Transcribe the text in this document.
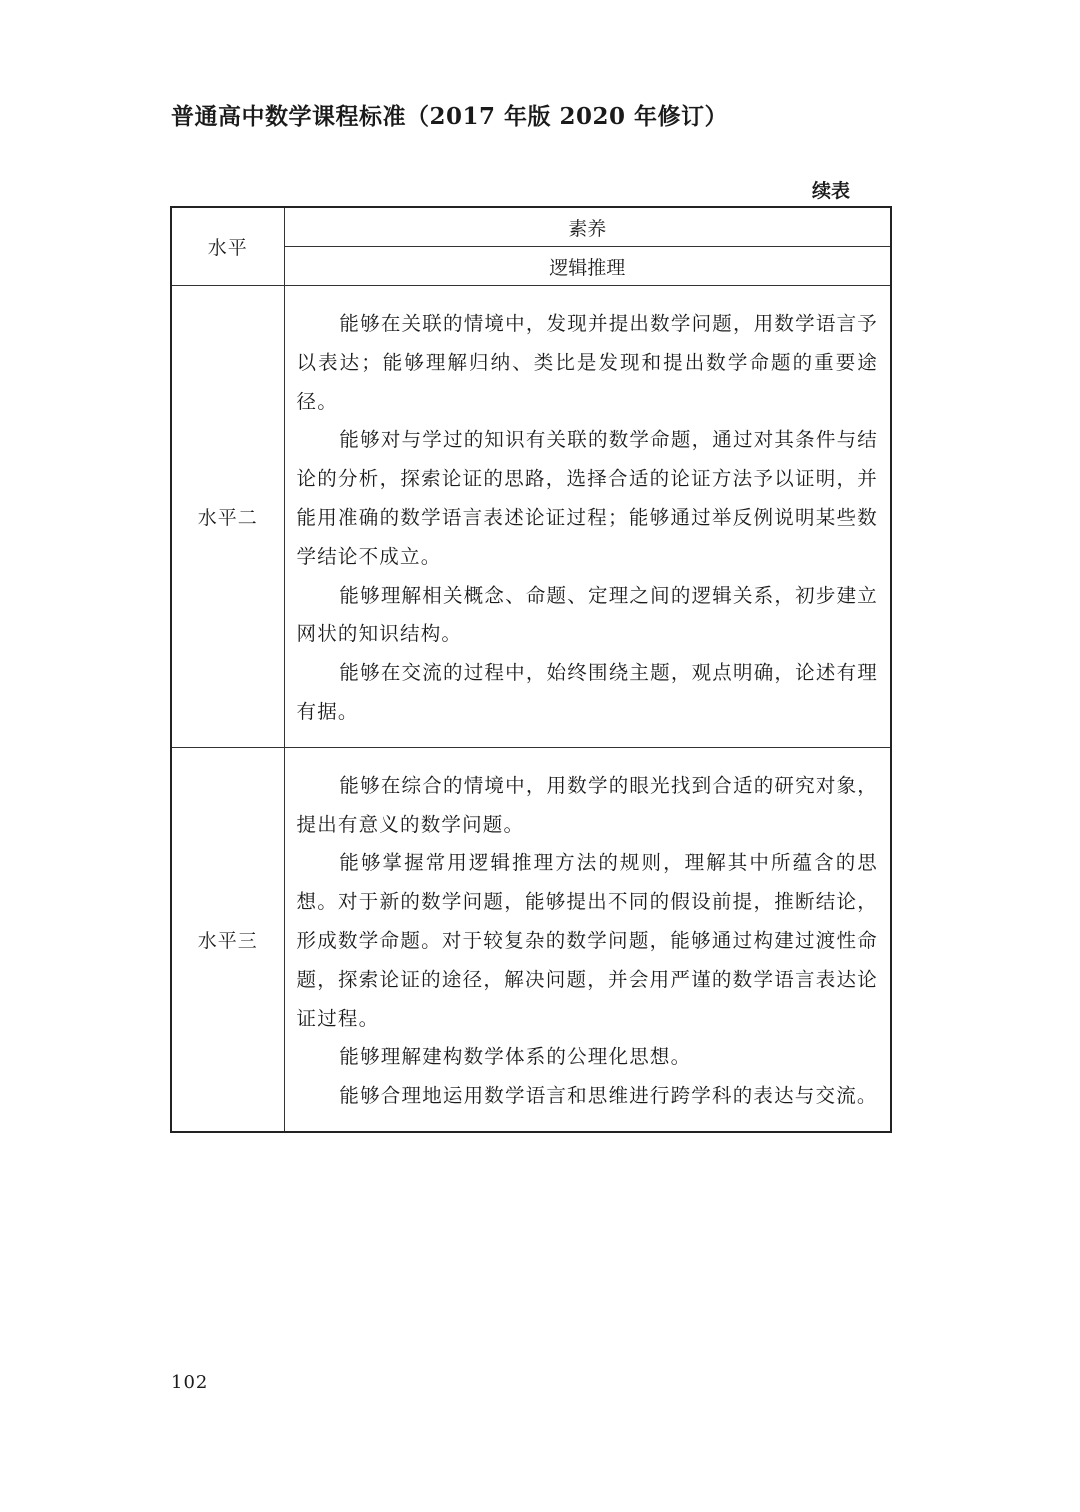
普通高中数学课程标准（2017 年版 2020 年修订）
续表
水平	素养
	逻辑推理
水平二	能够在关联的情境中，发现并提出数学问题，用数学语言予以表达；能够理解归纳、类比是发现和提出数学命题的重要途径。

能够对与学过的知识有关联的数学命题，通过对其条件与结论的分析，探索论证的思路，选择合适的论证方法予以证明，并能用准确的数学语言表述论证过程；能够通过举反例说明某些数学结论不成立。

能够理解相关概念、命题、定理之间的逻辑关系，初步建立网状的知识结构。

能够在交流的过程中，始终围绕主题，观点明确，论述有理有据。

水平三	能够在综合的情境中，用数学的眼光找到合适的研究对象，提出有意义的数学问题。

能够掌握常用逻辑推理方法的规则，理解其中所蕴含的思想。对于新的数学问题，能够提出不同的假设前提，推断结论，形成数学命题。对于较复杂的数学问题，能够通过构建过渡性命题，探索论证的途径，解决问题，并会用严谨的数学语言表达论证过程。

能够理解建构数学体系的公理化思想。

能够合理地运用数学语言和思维进行跨学科的表达与交流。

102
